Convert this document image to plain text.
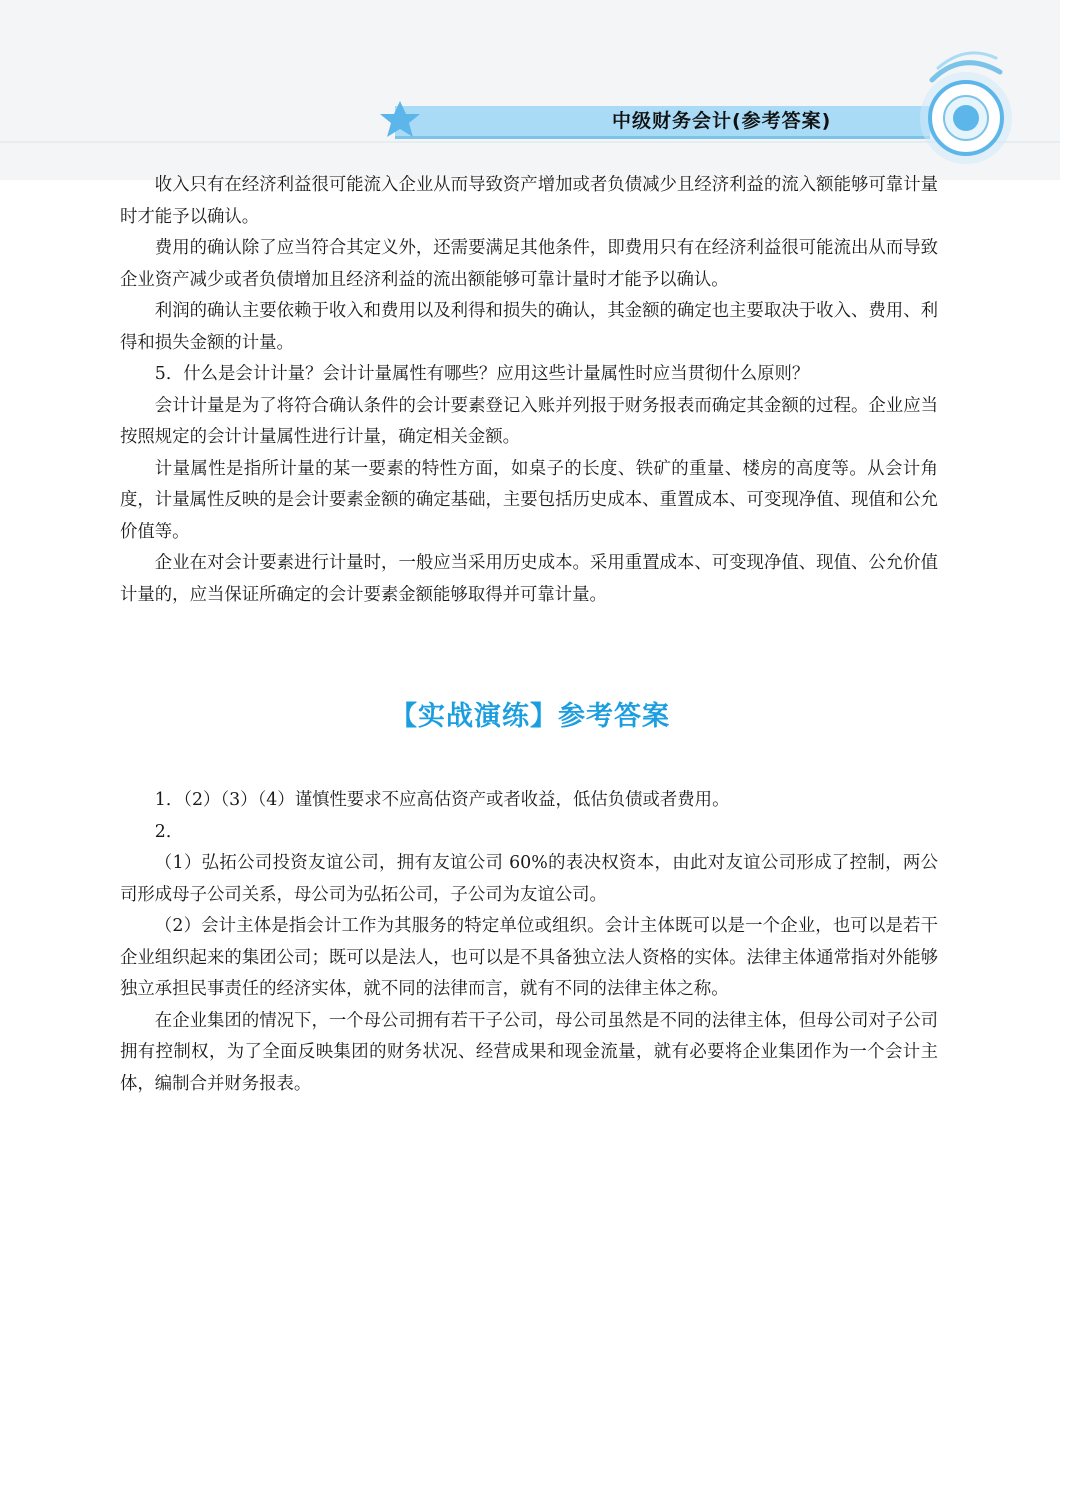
中级财务会计(参考答案)

收入只有在经济利益很可能流入企业从而导致资产增加或者负债减少且经济利益的流入额能够可靠计量时才能予以确认。

费用的确认除了应当符合其定义外，还需要满足其他条件，即费用只有在经济利益很可能流出从而导致企业资产减少或者负债增加且经济利益的流出额能够可靠计量时才能予以确认。

利润的确认主要依赖于收入和费用以及利得和损失的确认，其金额的确定也主要取决于收入、费用、利得和损失金额的计量。

5．什么是会计计量？会计计量属性有哪些？应用这些计量属性时应当贯彻什么原则？

会计计量是为了将符合确认条件的会计要素登记入账并列报于财务报表而确定其金额的过程。企业应当按照规定的会计计量属性进行计量，确定相关金额。

计量属性是指所计量的某一要素的特性方面，如桌子的长度、铁矿的重量、楼房的高度等。从会计角度，计量属性反映的是会计要素金额的确定基础，主要包括历史成本、重置成本、可变现净值、现值和公允价值等。

企业在对会计要素进行计量时，一般应当采用历史成本。采用重置成本、可变现净值、现值、公允价值计量的，应当保证所确定的会计要素金额能够取得并可靠计量。

【实战演练】参考答案

1．（2）（3）（4）谨慎性要求不应高估资产或者收益，低估负债或者费用。

2．

（1）弘拓公司投资友谊公司，拥有友谊公司 60%的表决权资本，由此对友谊公司形成了控制，两公司形成母子公司关系，母公司为弘拓公司，子公司为友谊公司。

（2）会计主体是指会计工作为其服务的特定单位或组织。会计主体既可以是一个企业，也可以是若干企业组织起来的集团公司；既可以是法人，也可以是不具备独立法人资格的实体。法律主体通常指对外能够独立承担民事责任的经济实体，就不同的法律而言，就有不同的法律主体之称。

在企业集团的情况下，一个母公司拥有若干子公司，母公司虽然是不同的法律主体，但母公司对子公司拥有控制权，为了全面反映集团的财务状况、经营成果和现金流量，就有必要将企业集团作为一个会计主体，编制合并财务报表。
